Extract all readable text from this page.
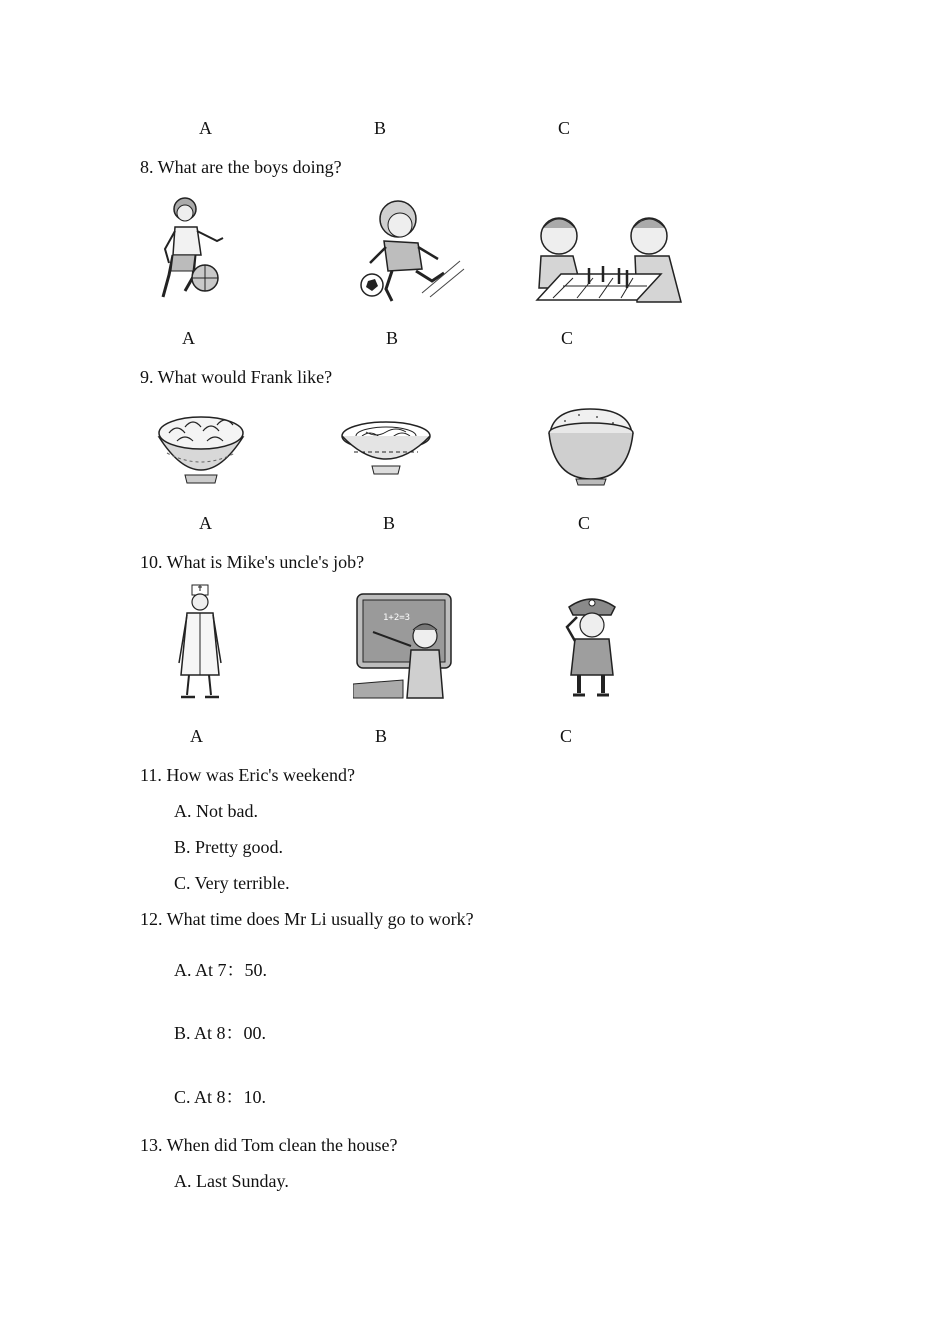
A	B	C
8. What are the boys doing?
A	B	C
9. What would Frank like?
A	B	C
10. What is Mike's uncle's job?
1+2=3
A	B	C
11. How was Eric's weekend?
A. Not bad.
B. Pretty good.
C. Very terrible.
12. What time does Mr Li usually go to work?
A. At 7：50.
B. At 8：00.
C. At 8：10.
13. When did Tom clean the house?
A. Last Sunday.
